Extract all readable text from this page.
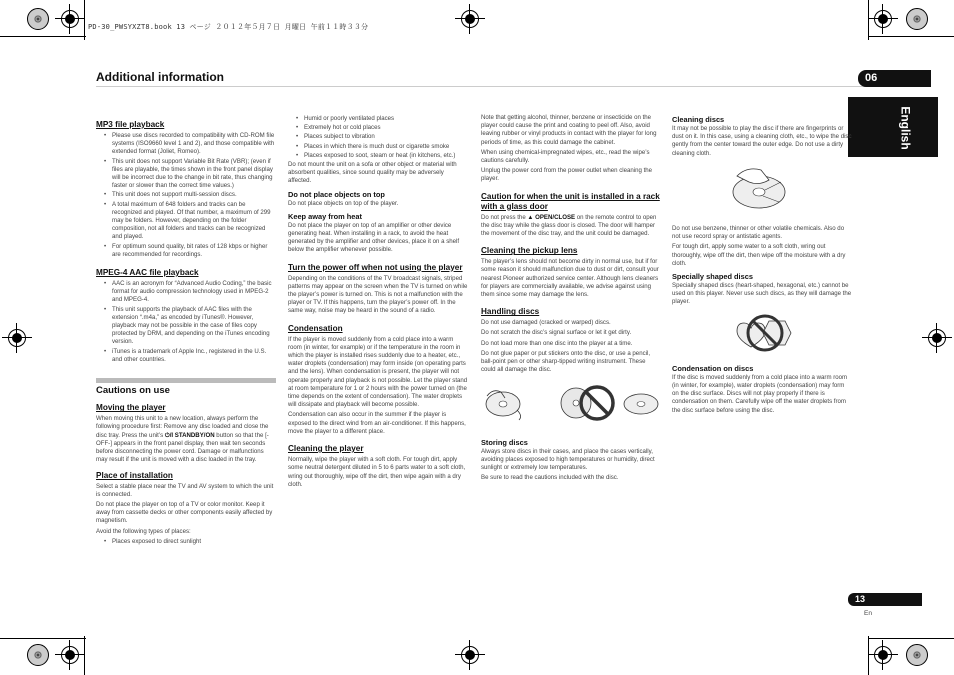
PD-30_PWSYXZT8.book 13 ページ ２０１２年５月７日 月曜日 午前１１時３３分
Additional information	06
English
MP3 file playback
• Please use discs recorded to compatibility with CD-ROM file systems (ISO9660 level 1 and 2), and those compatible with extended format (Joliet, Romeo).
• This unit does not support Variable Bit Rate (VBR); (even if files are playable, the times shown in the front panel display will be incorrect due to the change in bit rate, thus changing faster or slower than the correct time values.)
• This unit does not support multi-session discs.
• A total maximum of 648 folders and tracks can be recognized and played. Of that number, a maximum of 299 may be folders. However, depending on the folder composition, not all folders and tracks can be recognized and played.
• For optimum sound quality, bit rates of 128 kbps or higher are recommended for recordings.
MPEG-4 AAC file playback
• AAC is an acronym for “Advanced Audio Coding,” the basic format for audio compression technology used in MPEG-2 and MPEG-4.
• This unit supports the playback of AAC files with the extension “.m4a,” as encoded by iTunes®. However, playback may not be possible in the case of files copy protected by DRM, and depending on the iTunes encoding version.
• iTunes is a trademark of Apple Inc., registered in the U.S. and other countries.
Cautions on use
Moving the player

When moving this unit to a new location, always perform the following procedure first: Remove any disc loaded and close the disc tray. Press the unit’s ⏻/I STANDBY/ON button so that the [-OFF-] appears in the front panel display, then wait ten seconds before disconnecting the power cord. Damage or malfunctions may result if the unit is moved with a disc loaded in the tray.

Place of installation

Select a stable place near the TV and AV system to which the unit is connected.

Do not place the player on top of a TV or color monitor. Keep it away from cassette decks or other components easily affected by magnetism.

Avoid the following types of places:

• Places exposed to direct sunlight
• Humid or poorly ventilated places
• Extremely hot or cold places
• Places subject to vibration
• Places in which there is much dust or cigarette smoke
• Places exposed to soot, steam or heat (in kitchens, etc.)

Do not mount the unit on a sofa or other object or material with absorbent qualities, since sound quality may be adversely affected.

Do not place objects on top

Do not place objects on top of the player.

Keep away from heat

Do not place the player on top of an amplifier or other device generating heat. When installing in a rack, to avoid the heat generated by the amplifier and other devices, place it on a shelf below the amplifier whenever possible.

Turn the power off when not using the player

Depending on the conditions of the TV broadcast signals, striped patterns may appear on the screen when the TV is turned on while the player’s power is turned on. This is not a malfunction with the player or TV. If this happens, turn the player’s power off. In the same way, noise may be heard in the sound of a radio.

Condensation

If the player is moved suddenly from a cold place into a warm room (in winter, for example) or if the temperature in the room in which the player is installed rises suddenly due to a heater, etc., water droplets (condensation) may form inside (on operating parts and the lens). When condensation is present, the player will not operate properly and playback is not possible. Let the player stand at room temperature for 1 or 2 hours with the power turned on (the time depends on the extent of condensation). The water droplets will dissipate and playback will become possible.

Condensation can also occur in the summer if the player is exposed to the direct wind from an air-conditioner. If this happens, move the player to a different place.

Cleaning the player

Normally, wipe the player with a soft cloth. For tough dirt, apply some neutral detergent diluted in 5 to 6 parts water to a soft cloth, wring out thoroughly, wipe off the dirt, then wipe again with a dry cloth.

Note that getting alcohol, thinner, benzene or insecticide on the player could cause the print and coating to peel off. Also, avoid leaving rubber or vinyl products in contact with the player for long periods of time, as this could damage the cabinet.

When using chemical-impregnated wipes, etc., read the wipe’s cautions carefully.

Unplug the power cord from the power outlet when cleaning the player.

Caution for when the unit is installed in a rack with a glass door

Do not press the ▲ OPEN/CLOSE on the remote control to open the disc tray while the glass door is closed. The door will hamper the movement of the disc tray, and the unit could be damaged.

Cleaning the pickup lens

The player’s lens should not become dirty in normal use, but if for some reason it should malfunction due to dust or dirt, consult your nearest Pioneer authorized service center. Although lens cleaners for players are commercially available, we advise against using them since some may damage the lens.

Handling discs

Do not use damaged (cracked or warped) discs.

Do not scratch the disc’s signal surface or let it get dirty.

Do not load more than one disc into the player at a time.

Do not glue paper or put stickers onto the disc, or use a pencil, ball-point pen or other sharp-tipped writing instrument. These could all damage the disc.

Storing discs

Always store discs in their cases, and place the cases vertically, avoiding places exposed to high temperatures or humidity, direct sunlight or extremely low temperatures.

Be sure to read the cautions included with the disc.

Cleaning discs

It may not be possible to play the disc if there are fingerprints or dust on it. In this case, using a cleaning cloth, etc., to wipe the disc gently from the center toward the outer edge. Do not use a dirty cleaning cloth.

Do not use benzene, thinner or other volatile chemicals. Also do not use record spray or antistatic agents.

For tough dirt, apply some water to a soft cloth, wring out thoroughly, wipe off the dirt, then wipe off the moisture with a dry cloth.

Specially shaped discs

Specially shaped discs (heart-shaped, hexagonal, etc.) cannot be used on this player. Never use such discs, as they will damage the player.

Condensation on discs

If the disc is moved suddenly from a cold place into a warm room (in winter, for example), water droplets (condensation) may form on the disc surface. Discs will not play properly if there is condensation on them. Carefully wipe off the water droplets from the disc surface before using the disc.

13
En
